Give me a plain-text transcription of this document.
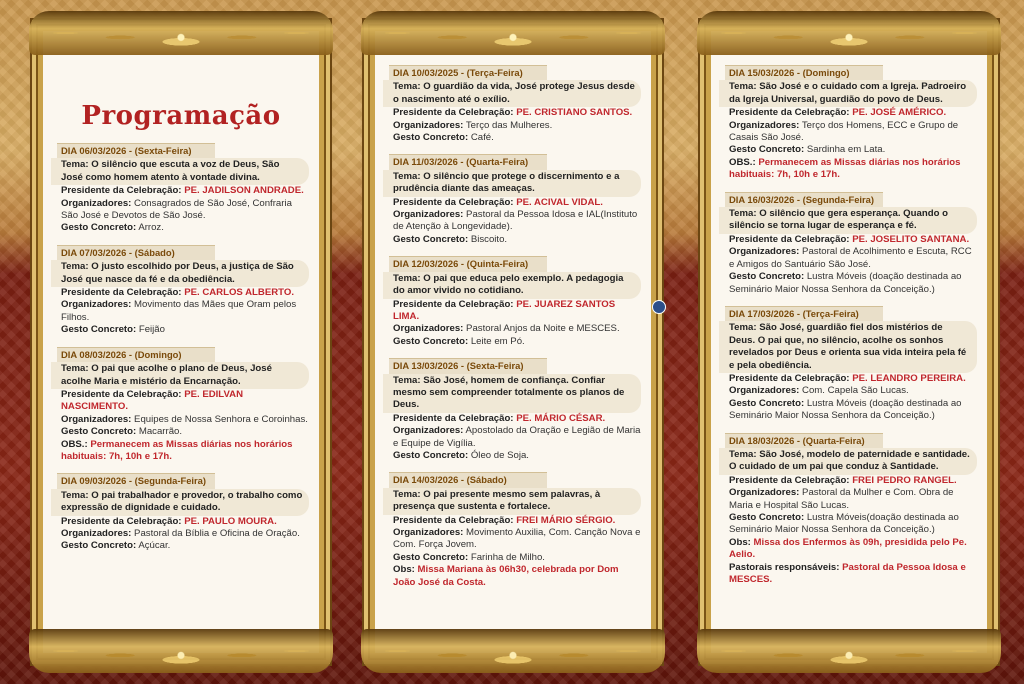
Programação
DIA 06/03/2026 - (Sexta-Feira)
Tema: O silêncio que escuta a voz de Deus, São José como homem atento à vontade divina.
Presidente da Celebração: PE. JADILSON ANDRADE.
Organizadores: Consagrados de São José, Confraria São José e Devotos de São José.
Gesto Concreto: Arroz.
DIA 07/03/2026 - (Sábado)
Tema: O justo escolhido por Deus, a justiça de São José que nasce da fé e da obediência.
Presidente da Celebração: PE. CARLOS ALBERTO.
Organizadores: Movimento das Mães que Oram pelos Filhos.
Gesto Concreto: Feijão
DIA 08/03/2026 - (Domingo)
Tema: O pai que acolhe o plano de Deus, José acolhe Maria e mistério da Encarnação.
Presidente da Celebração: PE. EDILVAN NASCIMENTO.
Organizadores: Equipes de Nossa Senhora e Coroinhas.
Gesto Concreto: Macarrão.
OBS.: Permanecem as Missas diárias nos horários habituais: 7h, 10h e 17h.
DIA 09/03/2026 - (Segunda-Feira)
Tema: O pai trabalhador e provedor, o trabalho como expressão de dignidade e cuidado.
Presidente da Celebração: PE. PAULO MOURA.
Organizadores: Pastoral da Bíblia e Oficina de Oração.
Gesto Concreto: Açúcar.
DIA 10/03/2025 - (Terça-Feira)
Tema: O guardião da vida, José protege Jesus desde o nascimento até o exílio.
Presidente da Celebração: PE. CRISTIANO SANTOS.
Organizadores: Terço das Mulheres.
Gesto Concreto: Café.
DIA 11/03/2026 - (Quarta-Feira)
Tema: O silêncio que protege o discernimento e a prudência diante das ameaças.
Presidente da Celebração: PE. ACIVAL VIDAL.
Organizadores: Pastoral da Pessoa Idosa e IAL(Instituto de Atenção à Longevidade).
Gesto Concreto: Biscoito.
DIA 12/03/2026 - (Quinta-Feira)
Tema: O pai que educa pelo exemplo. A pedagogia do amor vivido no cotidiano.
Presidente da Celebração: PE. JUAREZ SANTOS LIMA.
Organizadores: Pastoral Anjos da Noite e MESCES.
Gesto Concreto: Leite em Pó.
DIA 13/03/2026 - (Sexta-Feira)
Tema: São José, homem de confiança. Confiar mesmo sem compreender totalmente os planos de Deus.
Presidente da Celebração: PE. MÁRIO CÉSAR.
Organizadores: Apostolado da Oração e Legião de Maria e Equipe de Vigília.
Gesto Concreto: Óleo de Soja.
DIA 14/03/2026 - (Sábado)
Tema: O pai presente mesmo sem palavras, à presença que sustenta e fortalece.
Presidente da Celebração: FREI MÁRIO SÉRGIO.
Organizadores: Movimento Auxilia, Com. Canção Nova e Com. Força Jovem.
Gesto Concreto: Farinha de Milho.
Obs: Missa Mariana às 06h30, celebrada por Dom João José da Costa.
DIA 15/03/2026 - (Domingo)
Tema: São José e o cuidado com a Igreja. Padroeiro da Igreja Universal, guardião do povo de Deus.
Presidente da Celebração: PE. JOSÉ AMÉRICO.
Organizadores: Terço dos Homens, ECC e Grupo de Casais São José.
Gesto Concreto: Sardinha em Lata.
OBS.: Permanecem as Missas diárias nos horários habituais: 7h, 10h e 17h.
DIA 16/03/2026 - (Segunda-Feira)
Tema: O silêncio que gera esperança. Quando o silêncio se torna lugar de esperança e fé.
Presidente da Celebração: PE. JOSELITO SANTANA.
Organizadores: Pastoral de Acolhimento e Escuta, RCC e Amigos do Santuário São José.
Gesto Concreto: Lustra Móveis (doação destinada ao Seminário Maior Nossa Senhora da Conceição.)
DIA 17/03/2026 - (Terça-Feira)
Tema: São José, guardião fiel dos mistérios de Deus. O pai que, no silêncio, acolhe os sonhos revelados por Deus e orienta sua vida inteira pela fé e pela obediência.
Presidente da Celebração: PE. LEANDRO PEREIRA.
Organizadores: Com. Capela São Lucas.
Gesto Concreto: Lustra Móveis (doação destinada ao Seminário Maior Nossa Senhora da Conceição.)
DIA 18/03/2026 - (Quarta-Feira)
Tema: São José, modelo de paternidade e santidade. O cuidado de um pai que conduz à Santidade.
Presidente da Celebração: FREI PEDRO RANGEL.
Organizadores: Pastoral da Mulher e Com. Obra de Maria e Hospital São Lucas.
Gesto Concreto: Lustra Móveis(doação destinada ao Seminário Maior Nossa Senhora da Conceição.)
Obs: Missa dos Enfermos às 09h, presidida pelo Pe. Aelio.
Pastorais responsáveis: Pastoral da Pessoa Idosa e MESCES.
